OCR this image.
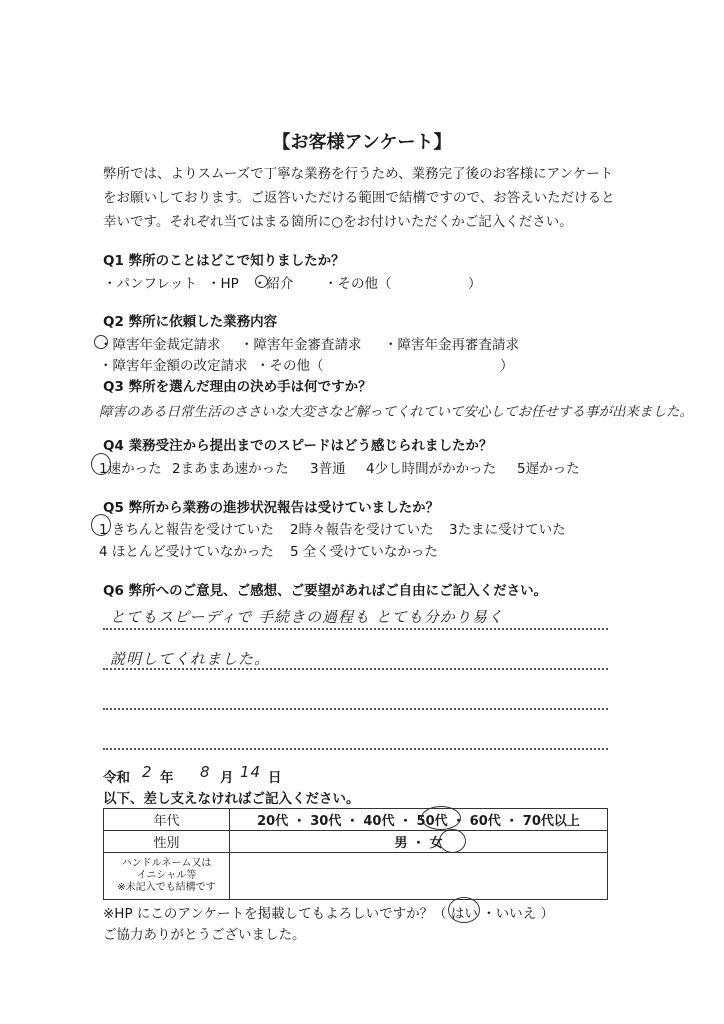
【お客様アンケート】
弊所では、よりスムーズで丁寧な業務を行うため、業務完了後のお客様にアンケート
をお願いしております。ご返答いただける範囲で結構ですので、お答えいただけると
幸いです。それぞれ当てはまる箇所に○をお付けいただくかご記入ください。
Q1 弊所のことはどこで知りましたか？
・パンフレット ・HP ・紹介 ・その他（	）
Q2 弊所に依頼した業務内容
・障害年金裁定請求 ・障害年金審査請求 ・障害年金再審査請求
・障害年金額の改定請求 ・その他（	）
Q3 弊所を選んだ理由の決め手は何ですか？
障害のある日常生活のささいな大変さなど解ってくれていて安心してお任せする事が出来ました。
Q4 業務受注から提出までのスピードはどう感じられましたか？
1速かった 2まあまあ速かった 3普通 4少し時間がかかった 5遅かった
Q5 弊所から業務の進捗状況報告は受けていましたか？
1 きちんと報告を受けていた 2時々報告を受けていた 3たまに受けていた
4 ほとんど受けていなかった 5 全く受けていなかった
Q6 弊所へのご意見、ご感想、ご要望があればご自由にご記入ください。
とてもスピーディで 手続きの過程も とても分かり易く
説明してくれました。
令和 2 年 8 月 14 日
以下、差し支えなければご記入ください。
年代	20代 ・ 30代 ・ 40代 ・ 50代 ・ 60代 ・ 70代以上
性別	男 ・ 女

ハンドルネーム又は
イニシャル等
※未記入でも結構です	

※HP にこのアンケートを掲載してもよろしいですか？（ はい ・いいえ ）
ご協力ありがとうございました。
